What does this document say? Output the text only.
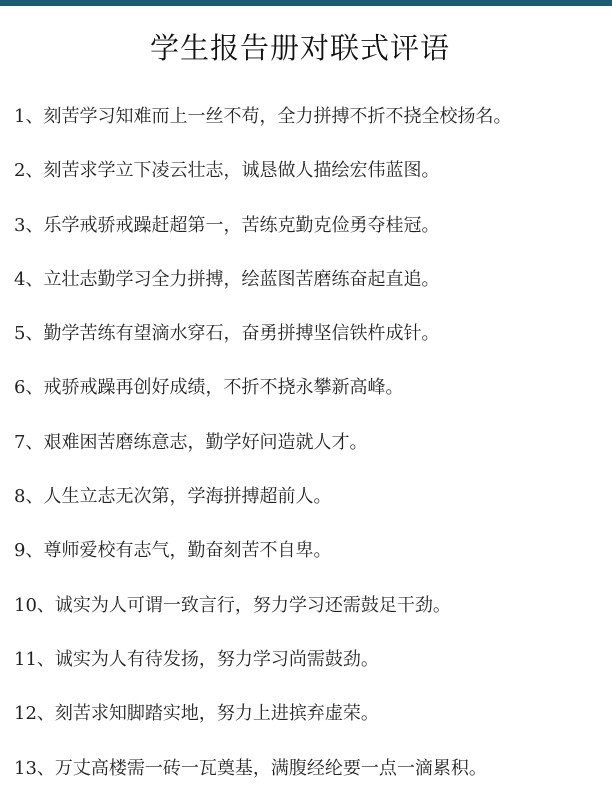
学生报告册对联式评语
1、刻苦学习知难而上一丝不苟，全力拼搏不折不挠全校扬名。
2、刻苦求学立下凌云壮志，诚恳做人描绘宏伟蓝图。
3、乐学戒骄戒躁赶超第一，苦练克勤克俭勇夺桂冠。
4、立壮志勤学习全力拼搏，绘蓝图苦磨练奋起直追。
5、勤学苦练有望滴水穿石，奋勇拼搏坚信铁杵成针。
6、戒骄戒躁再创好成绩，不折不挠永攀新高峰。
7、艰难困苦磨练意志，勤学好问造就人才。
8、人生立志无次第，学海拼搏超前人。
9、尊师爱校有志气，勤奋刻苦不自卑。
10、诚实为人可谓一致言行，努力学习还需鼓足干劲。
11、诚实为人有待发扬，努力学习尚需鼓劲。
12、刻苦求知脚踏实地，努力上进摈弃虚荣。
13、万丈高楼需一砖一瓦奠基，满腹经纶要一点一滴累积。
